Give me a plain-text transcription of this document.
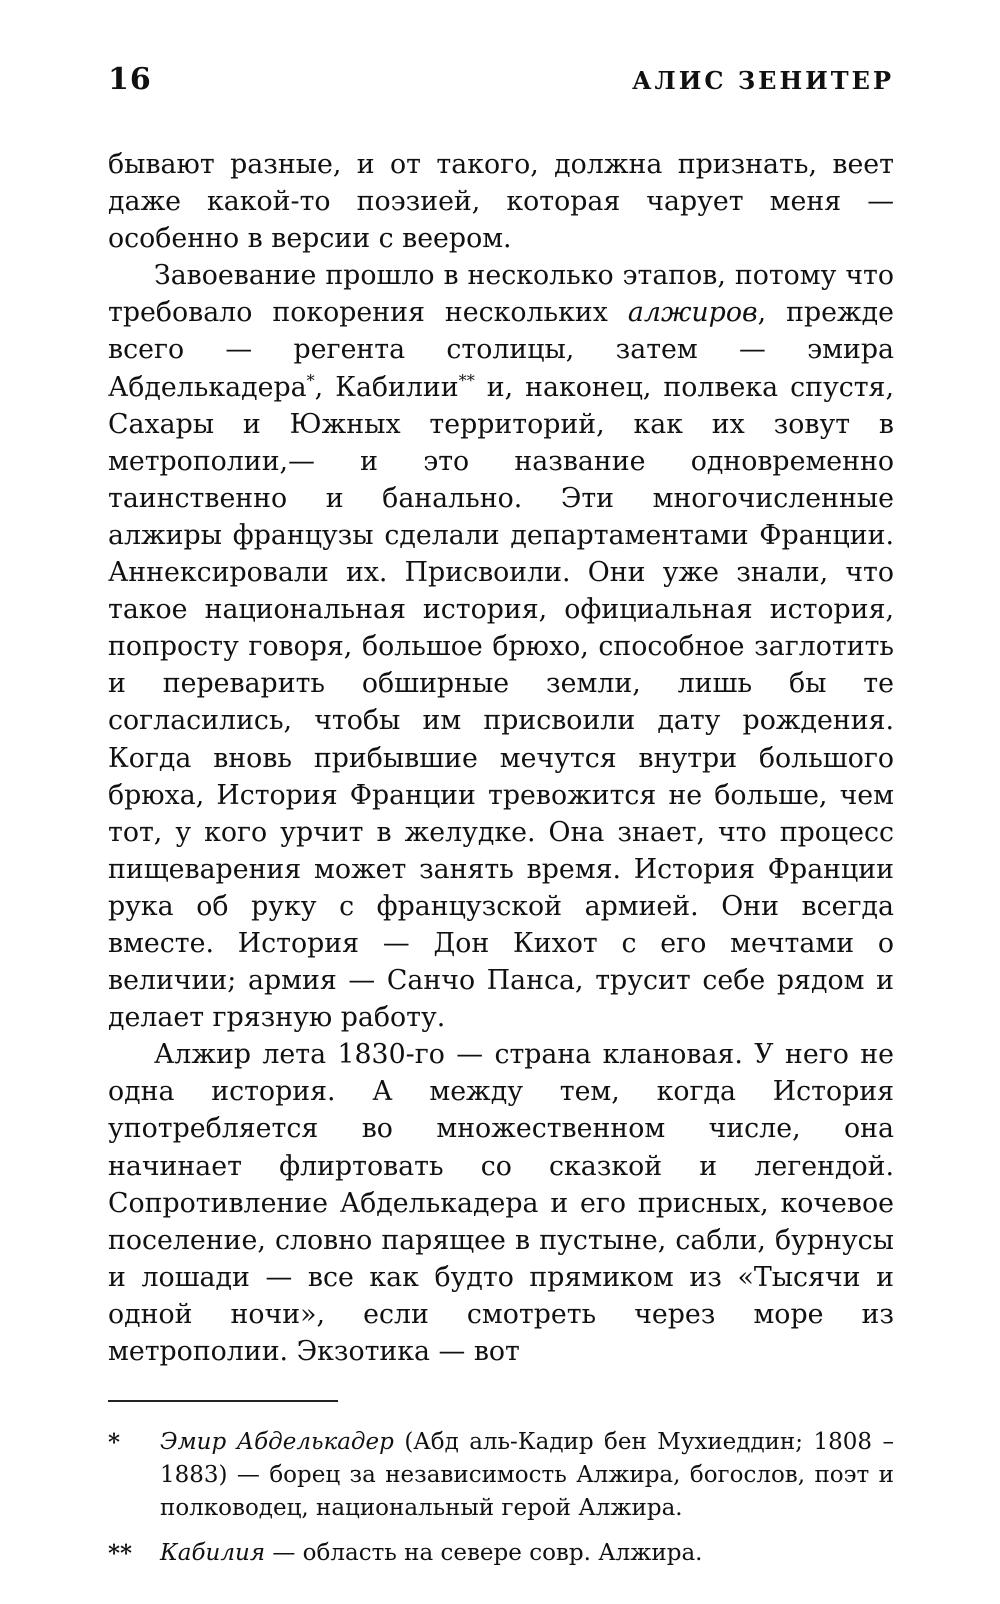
16	АЛИС ЗЕНИТЕР

бывают разные, и от такого, должна признать, веет даже какой-то поэзией, которая чарует меня — особенно в версии с веером.

Завоевание прошло в несколько этапов, потому что требовало покорения нескольких алжиров, прежде всего — регента столицы, затем — эмира Абделькадера*, Кабилии** и, наконец, полвека спустя, Сахары и Южных территорий, как их зовут в метрополии,— и это название одновременно таинственно и банально. Эти многочисленные алжиры французы сделали департаментами Франции. Аннексировали их. Присвоили. Они уже знали, что такое национальная история, официальная история, попросту говоря, большое брюхо, способное заглотить и переварить обширные земли, лишь бы те согласились, чтобы им присвоили дату рождения. Когда вновь прибывшие мечутся внутри большого брюха, История Франции тревожится не больше, чем тот, у кого урчит в желудке. Она знает, что процесс пищеварения может занять время. История Франции рука об руку с французской армией. Они всегда вместе. История — Дон Кихот с его мечтами о величии; армия — Санчо Панса, трусит себе рядом и делает грязную работу.

Алжир лета 1830-го — страна клановая. У него не одна история. А между тем, когда История употребляется во множественном числе, она начинает флиртовать со сказкой и легендой. Сопротивление Абделькадера и его присных, кочевое поселение, словно парящее в пустыне, сабли, бурнусы и лошади — все как будто прямиком из «Тысячи и одной ночи», если смотреть через море из метрополии. Экзотика — вот

* Эмир Абделькадер (Абд аль-Кадир бен Мухиеддин; 1808 – 1883) — борец за независимость Алжира, богослов, поэт и полководец, национальный герой Алжира.

** Кабилия — область на севере совр. Алжира.
